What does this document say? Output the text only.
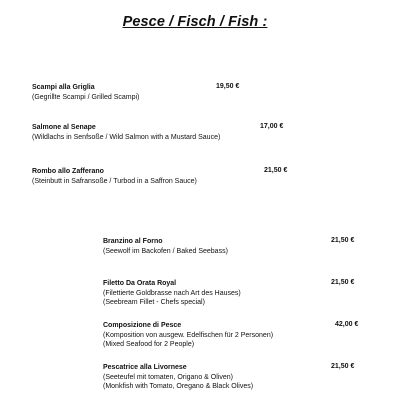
Pesce / Fisch / Fish :
Scampi alla Griglia
(Gegrillte Scampi / Grilled Scampi)
19,50 €
Salmone al Senape
(Wildlachs in Senfsoße / Wild Salmon with a Mustard Sauce)
17,00 €
Rombo allo Zafferano
(Steinbutt in Safransoße / Turbod in a Saffron Sauce)
21,50 €
Branzino al Forno
(Seewolf im Backofen / Baked Seebass)
21,50 €
Filetto Da Orata Royal
(Filettierte Goldbrasse nach Art des Hauses)
(Seebream Fillet - Chefs special)
21,50 €
Composizione di Pesce
(Komposition von ausgew. Edelfischen für 2 Personen)
(Mixed Seafood for 2 People)
42,00 €
Pescatrice alla Livornese
(Seeteufel mit tomaten, Origano & Oliven)
(Monkfish with Tomato, Oregano & Black Olives)
21,50 €
